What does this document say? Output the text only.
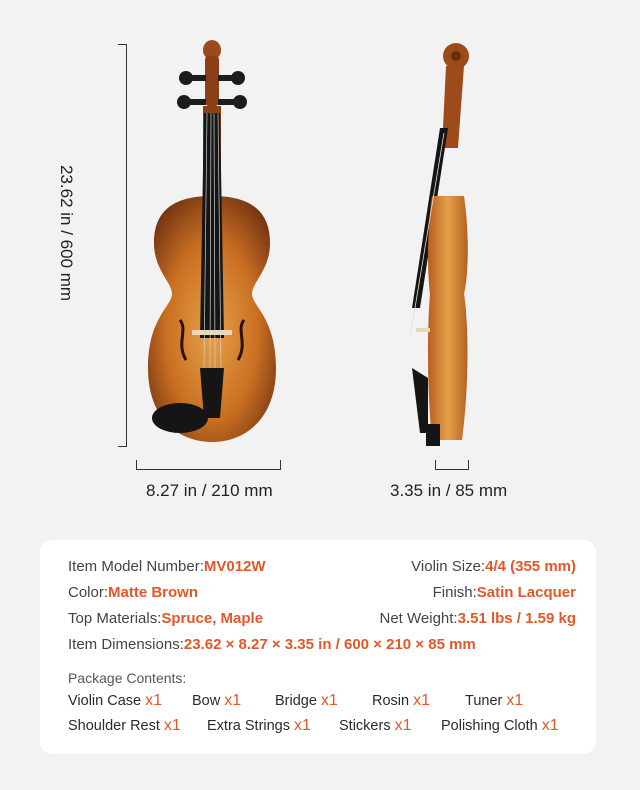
23.62 in / 600 mm
8.27 in / 210 mm	3.35 in / 85 mm
Item Model Number:MV012W	Violin Size:4/4 (355 mm)
Color:Matte Brown	Finish:Satin Lacquer
Top Materials:Spruce, Maple	Net Weight:3.51 lbs / 1.59 kg
Item Dimensions:23.62 × 8.27 × 3.35 in / 600 × 210 × 85 mm
Package Contents:
Violin Case x1 Bow x1 Bridge x1 Rosin x1 Tuner x1
Shoulder Rest x1 Extra Strings x1 Stickers x1 Polishing Cloth x1
